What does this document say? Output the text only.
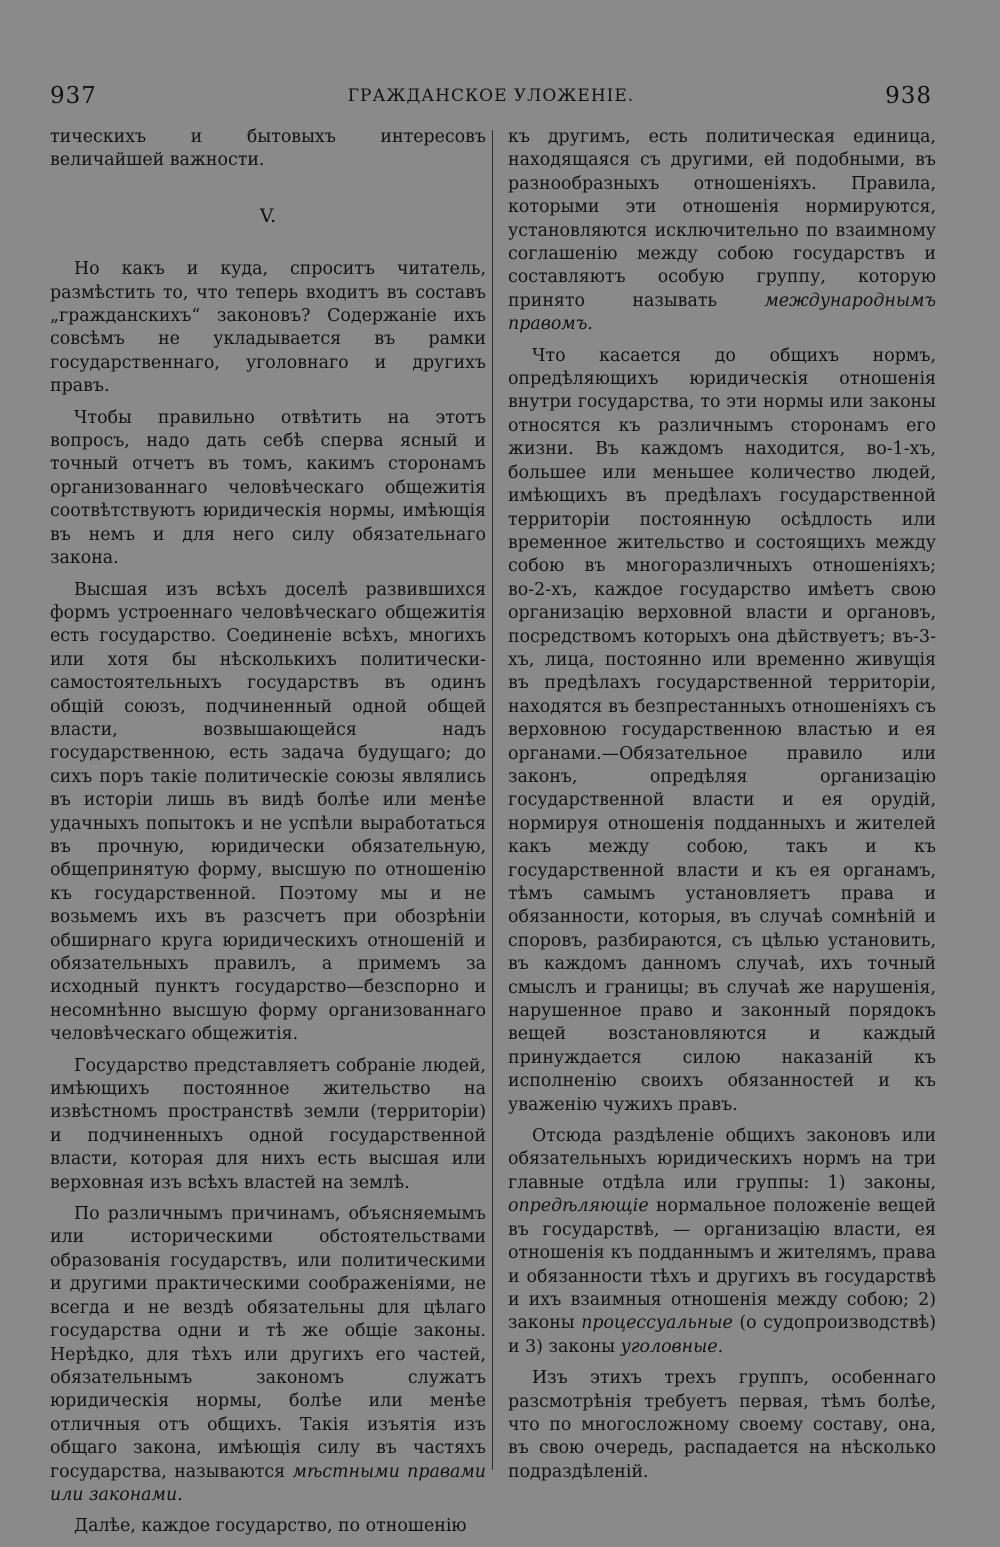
937	ГРАЖДАНСКОЕ УЛОЖЕНІЕ.	938

тическихъ и бытовыхъ интересовъ величайшей важности.

V.

Но какъ и куда, спроситъ читатель, размѣстить то, что теперь входитъ въ составъ „гражданскихъ“ законовъ? Содержаніе ихъ совсѣмъ не укладывается въ рамки государственнаго, уголовнаго и другихъ правъ.

Чтобы правильно отвѣтить на этотъ вопросъ, надо дать себѣ сперва ясный и точный отчетъ въ томъ, какимъ сторонамъ организованнаго человѣческаго общежитія соотвѣтствуютъ юридическія нормы, имѣющія въ немъ и для него силу обязательнаго закона.

Высшая изъ всѣхъ доселѣ развившихся формъ устроеннаго человѣческаго общежитія есть государство. Соединеніе всѣхъ, многихъ или хотя бы нѣсколькихъ политически-самостоятельныхъ государствъ въ одинъ общій союзъ, подчиненный одной общей власти, возвышающейся надъ государственною, есть задача будущаго; до сихъ поръ такіе политическіе союзы являлись въ исторіи лишь въ видѣ болѣе или менѣе удачныхъ попытокъ и не успѣли выработаться въ прочную, юридически обязательную, общепринятую форму, высшую по отношенію къ государственной. Поэтому мы и не возьмемъ ихъ въ разсчетъ при обозрѣніи обширнаго круга юридическихъ отношеній и обязательныхъ правилъ, а примемъ за исходный пунктъ государство—безспорно и несомнѣнно высшую форму организованнаго человѣческаго общежитія.

Государство представляетъ собраніе людей, имѣющихъ постоянное жительство на извѣстномъ пространствѣ земли (территоріи) и подчиненныхъ одной государственной власти, которая для нихъ есть высшая или верховная изъ всѣхъ властей на землѣ.

По различнымъ причинамъ, объясняемымъ или историческими обстоятельствами образованія государствъ, или политическими и другими практическими соображеніями, не всегда и не вездѣ обязательны для цѣлаго государства одни и тѣ же общіе законы. Нерѣдко, для тѣхъ или другихъ его частей, обязательнымъ закономъ служатъ юридическія нормы, болѣе или менѣе отличныя отъ общихъ. Такія изъятія изъ общаго закона, имѣющія силу въ частяхъ государства, называются мѣстными правами или законами.

Далѣе, каждое государство, по отношенію

къ другимъ, есть политическая единица, находящаяся съ другими, ей подобными, въ разнообразныхъ отношеніяхъ. Правила, которыми эти отношенія нормируются, установляются исключительно по взаимному соглашенію между собою государствъ и составляютъ особую группу, которую принято называть международнымъ правомъ.

Что касается до общихъ нормъ, опредѣляющихъ юридическія отношенія внутри государства, то эти нормы или законы относятся къ различнымъ сторонамъ его жизни. Въ каждомъ находится, во-1-хъ, большее или меньшее количество людей, имѣющихъ въ предѣлахъ государственной территоріи постоянную осѣдлость или временное жительство и состоящихъ между собою въ многоразличныхъ отношеніяхъ; во-2-хъ, каждое государство имѣетъ свою организацію верховной власти и органовъ, посредствомъ которыхъ она дѣйствуетъ; въ-3-хъ, лица, постоянно или временно живущія въ предѣлахъ государственной территоріи, находятся въ безпрестанныхъ отношеніяхъ съ верховною государственною властью и ея органами.—Обязательное правило или законъ, опредѣляя организацію государственной власти и ея орудій, нормируя отношенія подданныхъ и жителей какъ между собою, такъ и къ государственной власти и къ ея органамъ, тѣмъ самымъ установляетъ права и обязанности, которыя, въ случаѣ сомнѣній и споровъ, разбираются, съ цѣлью установить, въ каждомъ данномъ случаѣ, ихъ точный смыслъ и границы; въ случаѣ же нарушенія, нарушенное право и законный порядокъ вещей возстановляются и каждый принуждается силою наказаній къ исполненію своихъ обязанностей и къ уваженію чужихъ правъ.

Отсюда раздѣленіе общихъ законовъ или обязательныхъ юридическихъ нормъ на три главные отдѣла или группы: 1) законы, опредѣляющіе нормальное положеніе вещей въ государствѣ, — организацію власти, ея отношенія къ подданнымъ и жителямъ, права и обязанности тѣхъ и другихъ въ государствѣ и ихъ взаимныя отношенія между собою; 2) законы процессуальные (о судопроизводствѣ) и 3) законы уголовные.

Изъ этихъ трехъ группъ, особеннаго разсмотрѣнія требуетъ первая, тѣмъ болѣе, что по многосложному своему составу, она, въ свою очередь, распадается на нѣсколько подраздѣленій.
